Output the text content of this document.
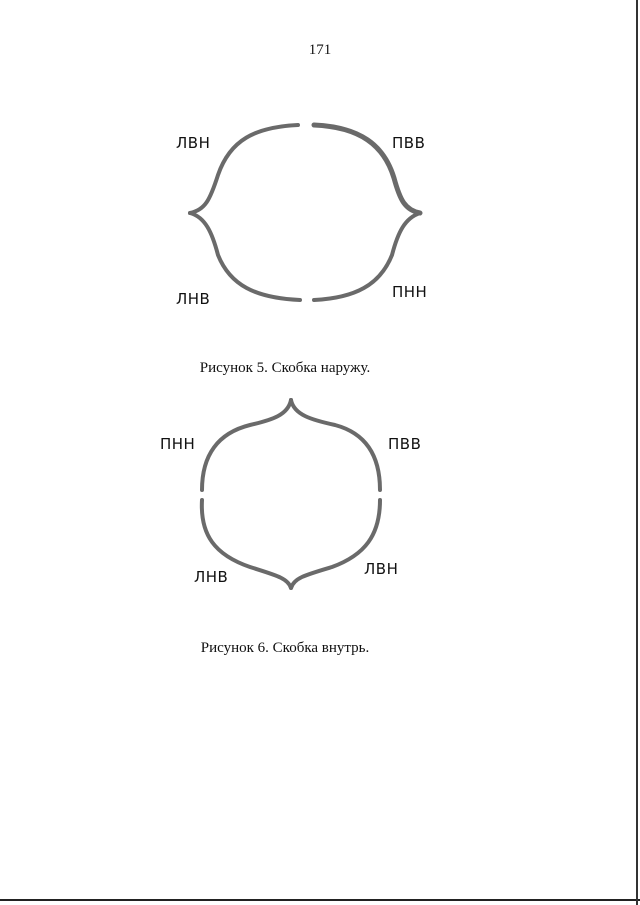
171
ЛВН	ПВВ
ЛНВ	ПНН
Рисунок 5. Скобка наружу.
ПНН	ПВВ
ЛНВ	ЛВН
Рисунок 6. Скобка внутрь.
